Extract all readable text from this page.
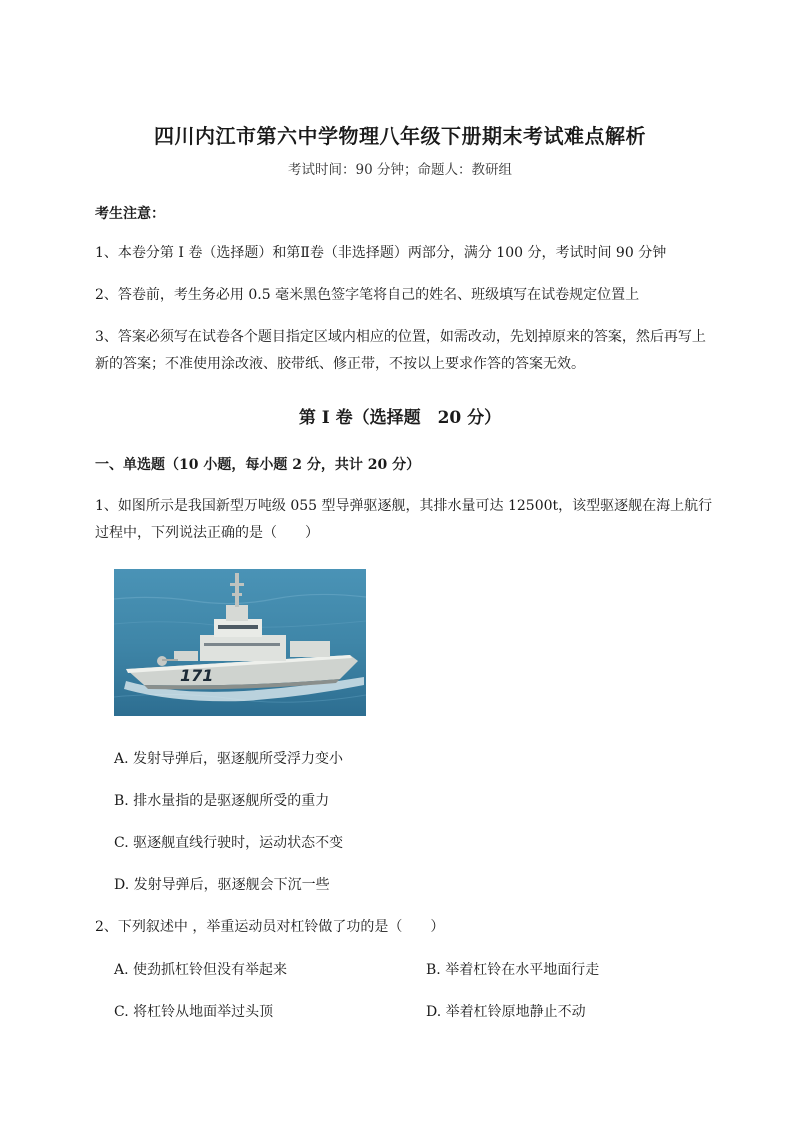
四川内江市第六中学物理八年级下册期末考试难点解析
考试时间：90 分钟；命题人：教研组
考生注意：
1、本卷分第 I 卷（选择题）和第Ⅱ卷（非选择题）两部分，满分 100 分，考试时间 90 分钟
2、答卷前，考生务必用 0.5 毫米黑色签字笔将自己的姓名、班级填写在试卷规定位置上
3、答案必须写在试卷各个题目指定区域内相应的位置，如需改动，先划掉原来的答案，然后再写上新的答案；不准使用涂改液、胶带纸、修正带，不按以上要求作答的答案无效。
第 I 卷（选择题　20 分）
一、单选题（10 小题，每小题 2 分，共计 20 分）
1、如图所示是我国新型万吨级 055 型导弹驱逐舰，其排水量可达 12500t，该型驱逐舰在海上航行过程中，下列说法正确的是（　　）
171
A. 发射导弹后，驱逐舰所受浮力变小
B. 排水量指的是驱逐舰所受的重力
C. 驱逐舰直线行驶时，运动状态不变
D. 发射导弹后，驱逐舰会下沉一些
2、下列叙述中 ，举重运动员对杠铃做了功的是（　　）
A. 使劲抓杠铃但没有举起来	B. 举着杠铃在水平地面行走
C. 将杠铃从地面举过头顶	D. 举着杠铃原地静止不动
